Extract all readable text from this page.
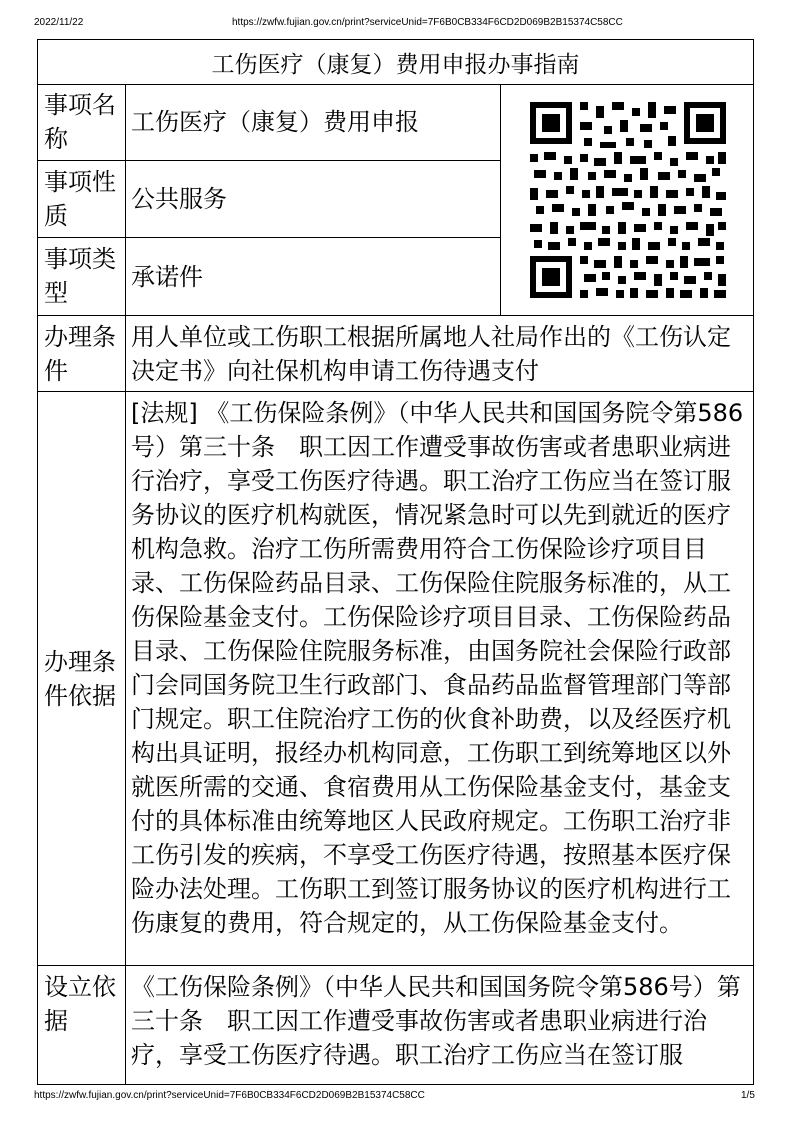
2022/11/22	https://zwfw.fujian.gov.cn/print?serviceUnid=7F6B0CB334F6CD2D069B2B15374C58CC
工伤医疗（康复）费用申报办事指南
事项名称
工伤医疗（康复）费用申报
事项性质
公共服务
事项类型
承诺件
办理条件
用人单位或工伤职工根据所属地人社局作出的《工伤认定决定书》向社保机构申请工伤待遇支付
办理条件依据
[法规] 《工伤保险条例》（中华人民共和国国务院令第586号）第三十条　职工因工作遭受事故伤害或者患职业病进行治疗，享受工伤医疗待遇。职工治疗工伤应当在签订服务协议的医疗机构就医，情况紧急时可以先到就近的医疗机构急救。治疗工伤所需费用符合工伤保险诊疗项目目录、工伤保险药品目录、工伤保险住院服务标准的，从工伤保险基金支付。工伤保险诊疗项目目录、工伤保险药品目录、工伤保险住院服务标准，由国务院社会保险行政部门会同国务院卫生行政部门、食品药品监督管理部门等部门规定。职工住院治疗工伤的伙食补助费，以及经医疗机构出具证明，报经办机构同意，工伤职工到统筹地区以外就医所需的交通、食宿费用从工伤保险基金支付，基金支付的具体标准由统筹地区人民政府规定。工伤职工治疗非工伤引发的疾病，不享受工伤医疗待遇，按照基本医疗保险办法处理。工伤职工到签订服务协议的医疗机构进行工伤康复的费用，符合规定的，从工伤保险基金支付。
设立依据
《工伤保险条例》（中华人民共和国国务院令第586号）第三十条　职工因工作遭受事故伤害或者患职业病进行治疗，享受工伤医疗待遇。职工治疗工伤应当在签订服
https://zwfw.fujian.gov.cn/print?serviceUnid=7F6B0CB334F6CD2D069B2B15374C58CC	1/5
